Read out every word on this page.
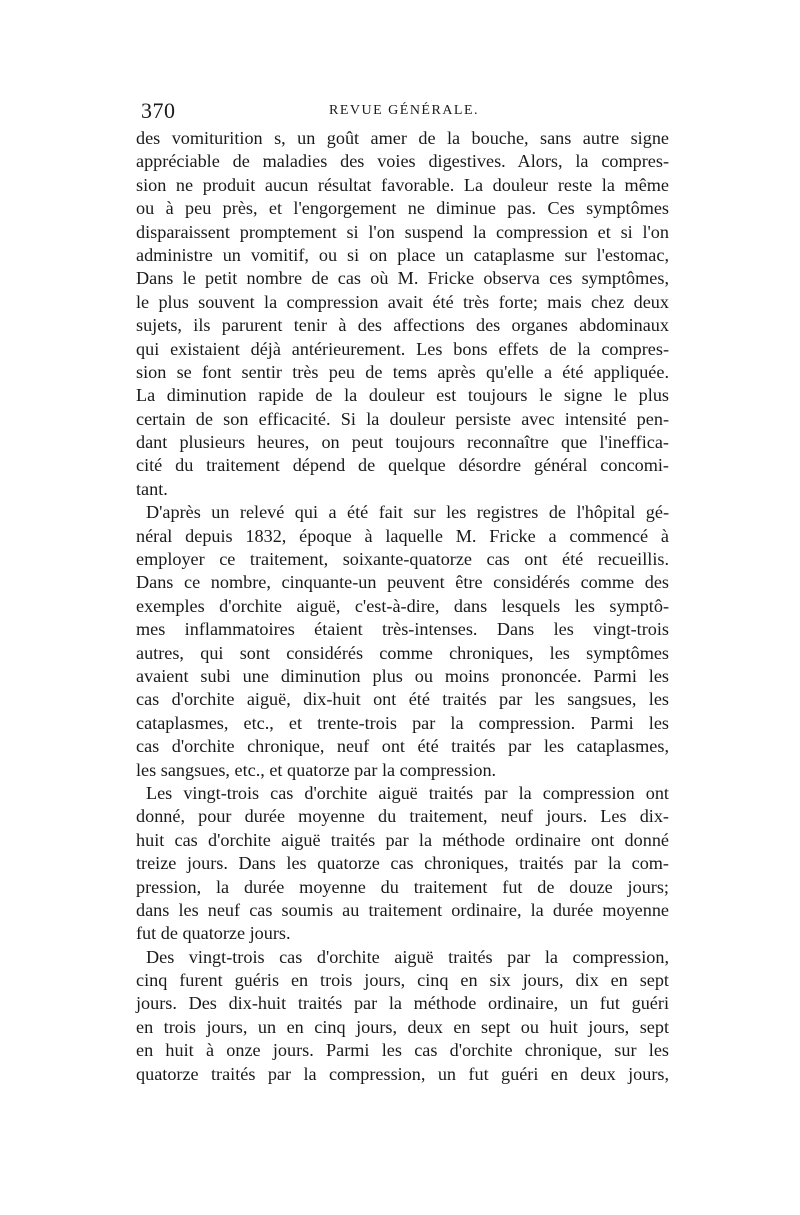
370	REVUE GÉNÉRALE.
des vomiturition s, un goût amer de la bouche, sans autre signe
appréciable de maladies des voies digestives. Alors, la compres-
sion ne produit aucun résultat favorable. La douleur reste la même
ou à peu près, et l'engorgement ne diminue pas. Ces symptômes
disparaissent promptement si l'on suspend la compression et si l'on
administre un vomitif, ou si on place un cataplasme sur l'estomac,
Dans le petit nombre de cas où M. Fricke observa ces symptômes,
le plus souvent la compression avait été très forte; mais chez deux
sujets, ils parurent tenir à des affections des organes abdominaux
qui existaient déjà antérieurement. Les bons effets de la compres-
sion se font sentir très peu de tems après qu'elle a été appliquée.
La diminution rapide de la douleur est toujours le signe le plus
certain de son efficacité. Si la douleur persiste avec intensité pen-
dant plusieurs heures, on peut toujours reconnaître que l'ineffica-
cité du traitement dépend de quelque désordre général concomi-
tant.
D'après un relevé qui a été fait sur les registres de l'hôpital gé-
néral depuis 1832, époque à laquelle M. Fricke a commencé à
employer ce traitement, soixante-quatorze cas ont été recueillis.
Dans ce nombre, cinquante-un peuvent être considérés comme des
exemples d'orchite aiguë, c'est-à-dire, dans lesquels les symptô-
mes inflammatoires étaient très-intenses. Dans les vingt-trois
autres, qui sont considérés comme chroniques, les symptômes
avaient subi une diminution plus ou moins prononcée. Parmi les
cas d'orchite aiguë, dix-huit ont été traités par les sangsues, les
cataplasmes, etc., et trente-trois par la compression. Parmi les
cas d'orchite chronique, neuf ont été traités par les cataplasmes,
les sangsues, etc., et quatorze par la compression.
Les vingt-trois cas d'orchite aiguë traités par la compression ont
donné, pour durée moyenne du traitement, neuf jours. Les dix-
huit cas d'orchite aiguë traités par la méthode ordinaire ont donné
treize jours. Dans les quatorze cas chroniques, traités par la com-
pression, la durée moyenne du traitement fut de douze jours;
dans les neuf cas soumis au traitement ordinaire, la durée moyenne
fut de quatorze jours.
Des vingt-trois cas d'orchite aiguë traités par la compression,
cinq furent guéris en trois jours, cinq en six jours, dix en sept
jours. Des dix-huit traités par la méthode ordinaire, un fut guéri
en trois jours, un en cinq jours, deux en sept ou huit jours, sept
en huit à onze jours. Parmi les cas d'orchite chronique, sur les
quatorze traités par la compression, un fut guéri en deux jours,
